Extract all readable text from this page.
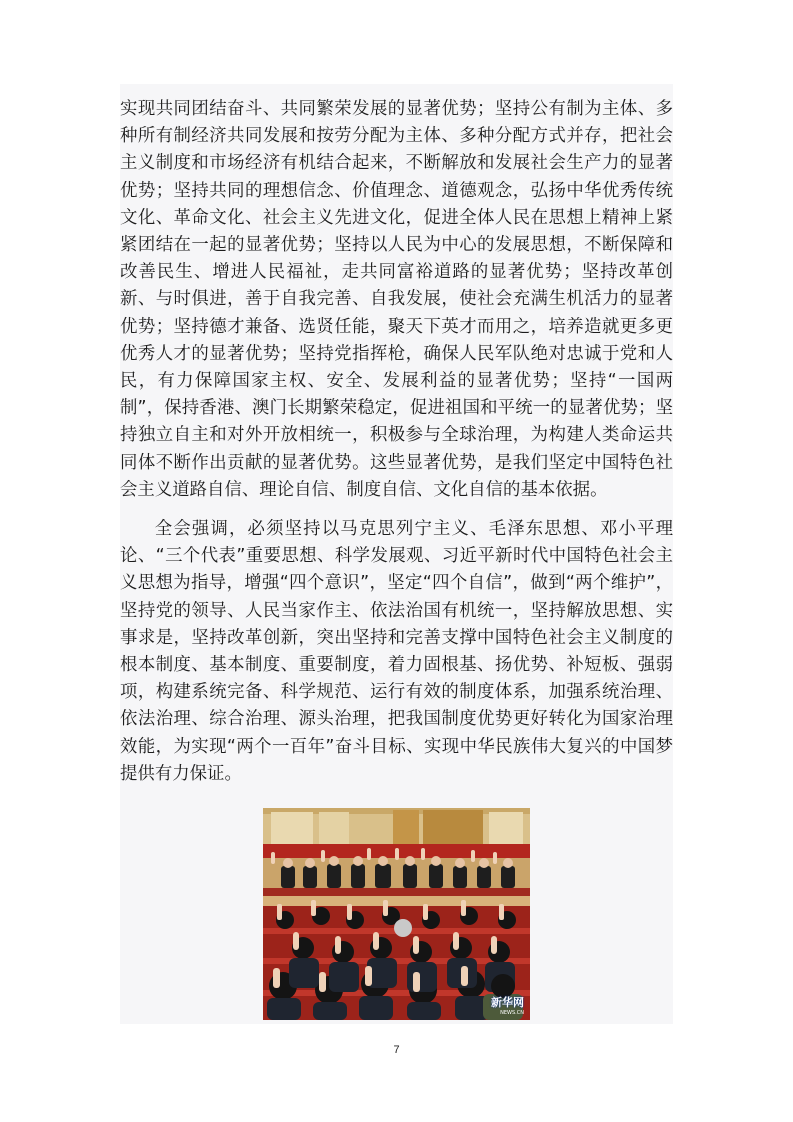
实现共同团结奋斗、共同繁荣发展的显著优势；坚持公有制为主体、多种所有制经济共同发展和按劳分配为主体、多种分配方式并存，把社会主义制度和市场经济有机结合起来，不断解放和发展社会生产力的显著优势；坚持共同的理想信念、价值理念、道德观念，弘扬中华优秀传统文化、革命文化、社会主义先进文化，促进全体人民在思想上精神上紧紧团结在一起的显著优势；坚持以人民为中心的发展思想，不断保障和改善民生、增进人民福祉，走共同富裕道路的显著优势；坚持改革创新、与时俱进，善于自我完善、自我发展，使社会充满生机活力的显著优势；坚持德才兼备、选贤任能，聚天下英才而用之，培养造就更多更优秀人才的显著优势；坚持党指挥枪，确保人民军队绝对忠诚于党和人民，有力保障国家主权、安全、发展利益的显著优势；坚持“一国两制”，保持香港、澳门长期繁荣稳定，促进祖国和平统一的显著优势；坚持独立自主和对外开放相统一，积极参与全球治理，为构建人类命运共同体不断作出贡献的显著优势。这些显著优势，是我们坚定中国特色社会主义道路自信、理论自信、制度自信、文化自信的基本依据。

全会强调，必须坚持以马克思列宁主义、毛泽东思想、邓小平理论、“三个代表”重要思想、科学发展观、习近平新时代中国特色社会主义思想为指导，增强“四个意识”，坚定“四个自信”，做到“两个维护”，坚持党的领导、人民当家作主、依法治国有机统一，坚持解放思想、实事求是，坚持改革创新，突出坚持和完善支撑中国特色社会主义制度的根本制度、基本制度、重要制度，着力固根基、扬优势、补短板、强弱项，构建系统完备、科学规范、运行有效的制度体系，加强系统治理、依法治理、综合治理、源头治理，把我国制度优势更好转化为国家治理效能，为实现“两个一百年”奋斗目标、实现中华民族伟大复兴的中国梦提供有力保证。

新华网
NEWS.CN
7
